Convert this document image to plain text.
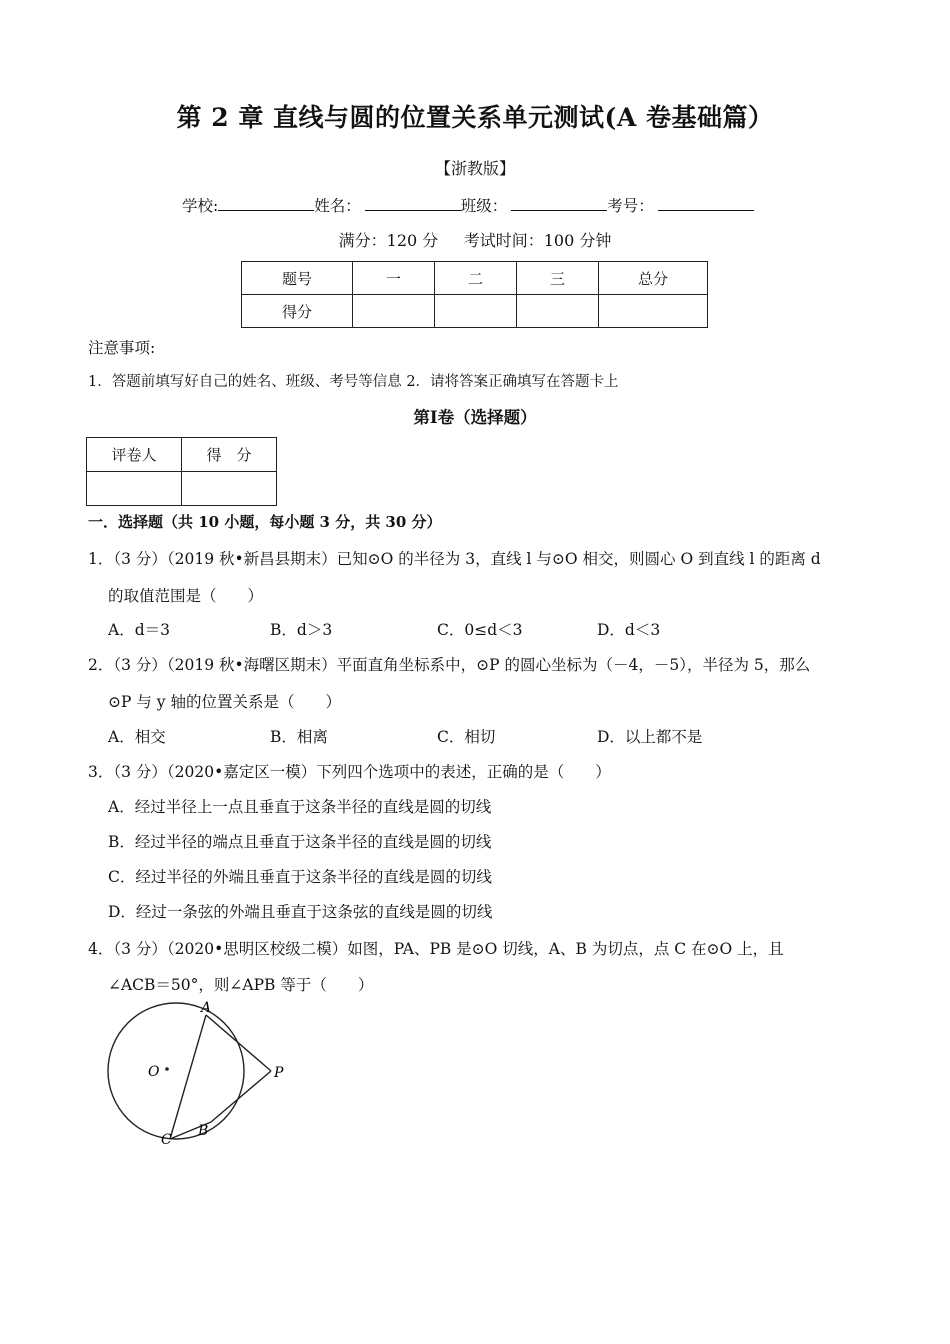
第 2 章 直线与圆的位置关系单元测试(A 卷基础篇）
【浙教版】
学校:	姓名：	班级：	考号：
满分：120 分     考试时间：100 分钟
题号	一	二	三	总分
得分				
注意事项:
1．答题前填写好自己的姓名、班级、考号等信息 2．请将答案正确填写在答题卡上
第Ⅰ卷（选择题）
评卷人	得　分

一．选择题（共 10 小题，每小题 3 分，共 30 分）
1．（3 分）（2019 秋•新昌县期末）已知⊙O 的半径为 3，直线 l 与⊙O 相交，则圆心 O 到直线 l 的距离 d
的取值范围是（　　）
A．d＝3	B．d＞3	C．0≤d＜3	D．d＜3
2．（3 分）（2019 秋•海曙区期末）平面直角坐标系中，⊙P 的圆心坐标为（－4，－5），半径为 5，那么
⊙P 与 y 轴的位置关系是（　　）
A．相交	B．相离	C．相切	D．以上都不是
3．（3 分）（2020•嘉定区一模）下列四个选项中的表述，正确的是（　　）
A．经过半径上一点且垂直于这条半径的直线是圆的切线
B．经过半径的端点且垂直于这条半径的直线是圆的切线
C．经过半径的外端且垂直于这条半径的直线是圆的切线
D．经过一条弦的外端且垂直于这条弦的直线是圆的切线
4．（3 分）（2020•思明区校级二模）如图，PA、PB 是⊙O 切线，A、B 为切点，点 C 在⊙O 上，且
∠ACB＝50°，则∠APB 等于（　　）
A
O	P
B
C
